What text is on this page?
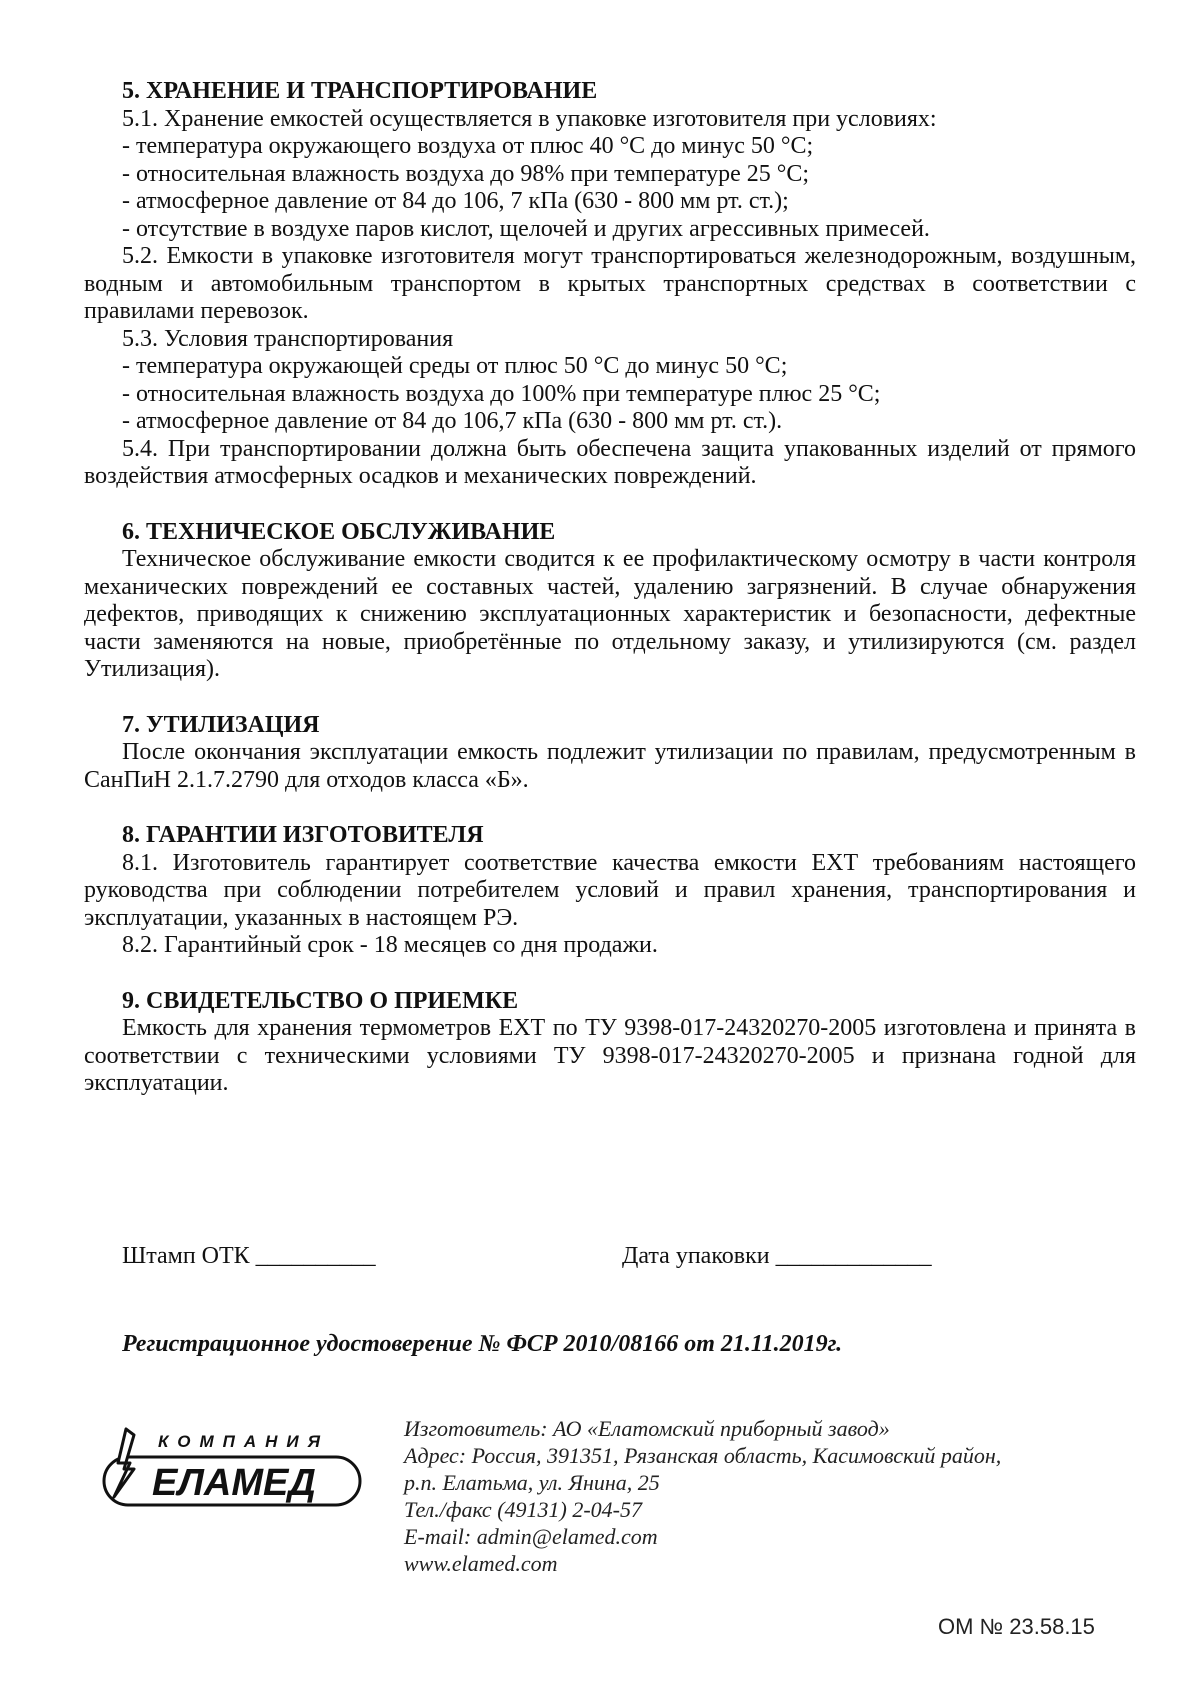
5. ХРАНЕНИЕ И ТРАНСПОРТИРОВАНИЕ

5.1. Хранение емкостей осуществляется в упаковке изготовителя при условиях:

- температура окружающего воздуха от плюс 40 °С до минус 50 °С;

- относительная влажность воздуха до 98% при температуре 25 °С;

- атмосферное давление от 84 до 106, 7 кПа (630 - 800 мм рт. ст.);

- отсутствие в воздухе паров кислот, щелочей и других агрессивных примесей.

5.2. Емкости в упаковке изготовителя могут транспортироваться железнодорожным, воздушным, водным и автомобильным транспортом в крытых транспортных средствах в соответствии с правилами перевозок.

5.3. Условия транспортирования

- температура окружающей среды от плюс 50 °С до минус 50 °С;

- относительная влажность воздуха до 100% при температуре плюс 25 °С;

- атмосферное давление от 84 до 106,7 кПа (630 - 800 мм рт. ст.).

5.4. При транспортировании должна быть обеспечена защита упакованных изделий от прямого воздействия атмосферных осадков и механических повреждений.

6. ТЕХНИЧЕСКОЕ ОБСЛУЖИВАНИЕ

Техническое обслуживание емкости сводится к ее профилактическому осмотру в части контроля механических повреждений ее составных частей, удалению загрязнений. В случае обнаружения дефектов, приводящих к снижению эксплуатационных характеристик и безопасности, дефектные части заменяются на новые, приобретённые по отдельному заказу, и утилизируются (см. раздел Утилизация).

7. УТИЛИЗАЦИЯ

После окончания эксплуатации емкость подлежит утилизации по правилам, предусмотренным в СанПиН 2.1.7.2790 для отходов класса «Б».

8. ГАРАНТИИ ИЗГОТОВИТЕЛЯ

8.1. Изготовитель гарантирует соответствие качества емкости ЕХТ требованиям настоящего руководства при соблюдении потребителем условий и правил хранения, транспортирования и эксплуатации, указанных в настоящем РЭ.

8.2. Гарантийный срок - 18 месяцев со дня продажи.

9. СВИДЕТЕЛЬСТВО О ПРИЕМКЕ

Емкость для хранения термометров ЕХТ по ТУ 9398-017-24320270-2005 изготовлена и принята в соответствии с техническими условиями ТУ 9398-017-24320270-2005 и признана годной для эксплуатации.

Штамп ОТК __________	Дата упаковки _____________
Регистрационное удостоверение № ФСР 2010/08166 от 21.11.2019г.
КОМПАНИЯ
ЕЛАМЕД
Изготовитель: АО «Елатомский приборный завод»
Адрес: Россия, 391351, Рязанская область, Касимовский район,
р.п. Елатьма, ул. Янина, 25
Тел./факс (49131) 2-04-57
E-mail: admin@elamed.com
www.elamed.com
ОМ № 23.58.15
